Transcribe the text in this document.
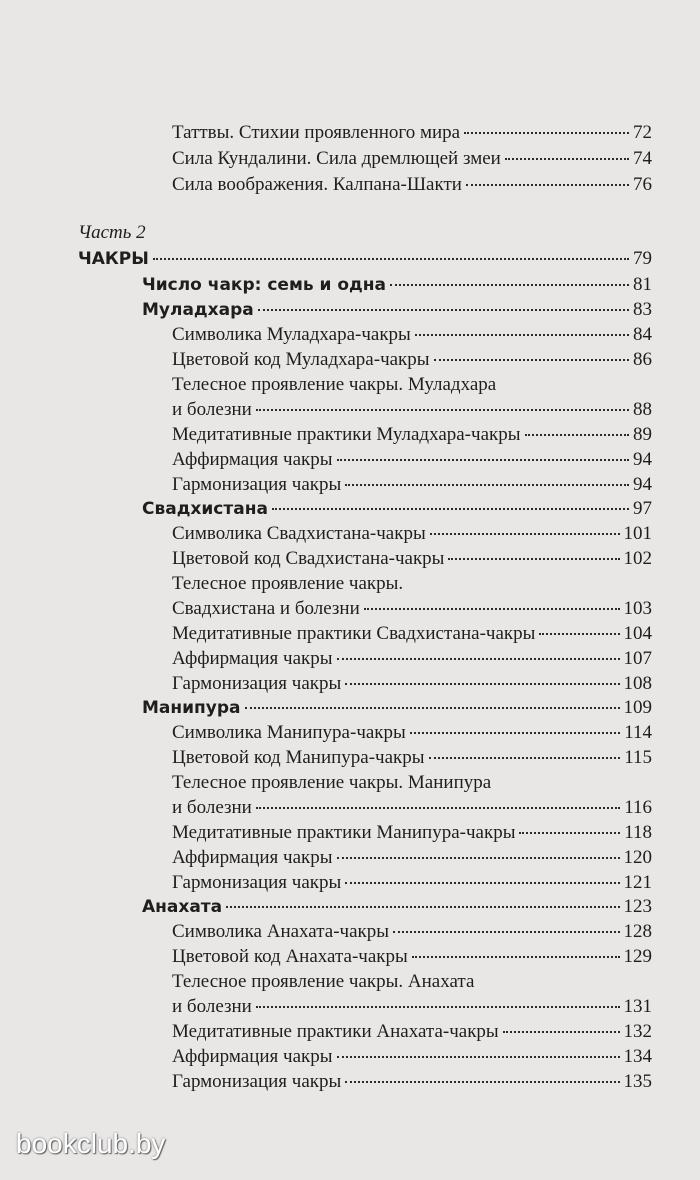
Таттвы. Стихии проявленного мира	72
Сила Кундалини. Сила дремлющей змеи	74
Сила воображения. Калпана-Шакти	76
Часть 2
ЧАКРЫ	79
Число чакр: семь и одна	81
Муладхара	83
Символика Муладхара-чакры	84
Цветовой код Муладхара-чакры	86
Телесное проявление чакры. Муладхара
и болезни	88
Медитативные практики Муладхара-чакры	89
Аффирмация чакры	94
Гармонизация чакры	94
Свадхистана	97
Символика Свадхистана-чакры	101
Цветовой код Свадхистана-чакры	102
Телесное проявление чакры.
Свадхистана и болезни	103
Медитативные практики Свадхистана-чакры	104
Аффирмация чакры	107
Гармонизация чакры	108
Манипура	109
Символика Манипура-чакры	114
Цветовой код Манипура-чакры	115
Телесное проявление чакры. Манипура
и болезни	116
Медитативные практики Манипура-чакры	118
Аффирмация чакры	120
Гармонизация чакры	121
Анахата	123
Символика Анахата-чакры	128
Цветовой код Анахата-чакры	129
Телесное проявление чакры. Анахата
и болезни	131
Медитативные практики Анахата-чакры	132
Аффирмация чакры	134
Гармонизация чакры	135
bookclub.by
